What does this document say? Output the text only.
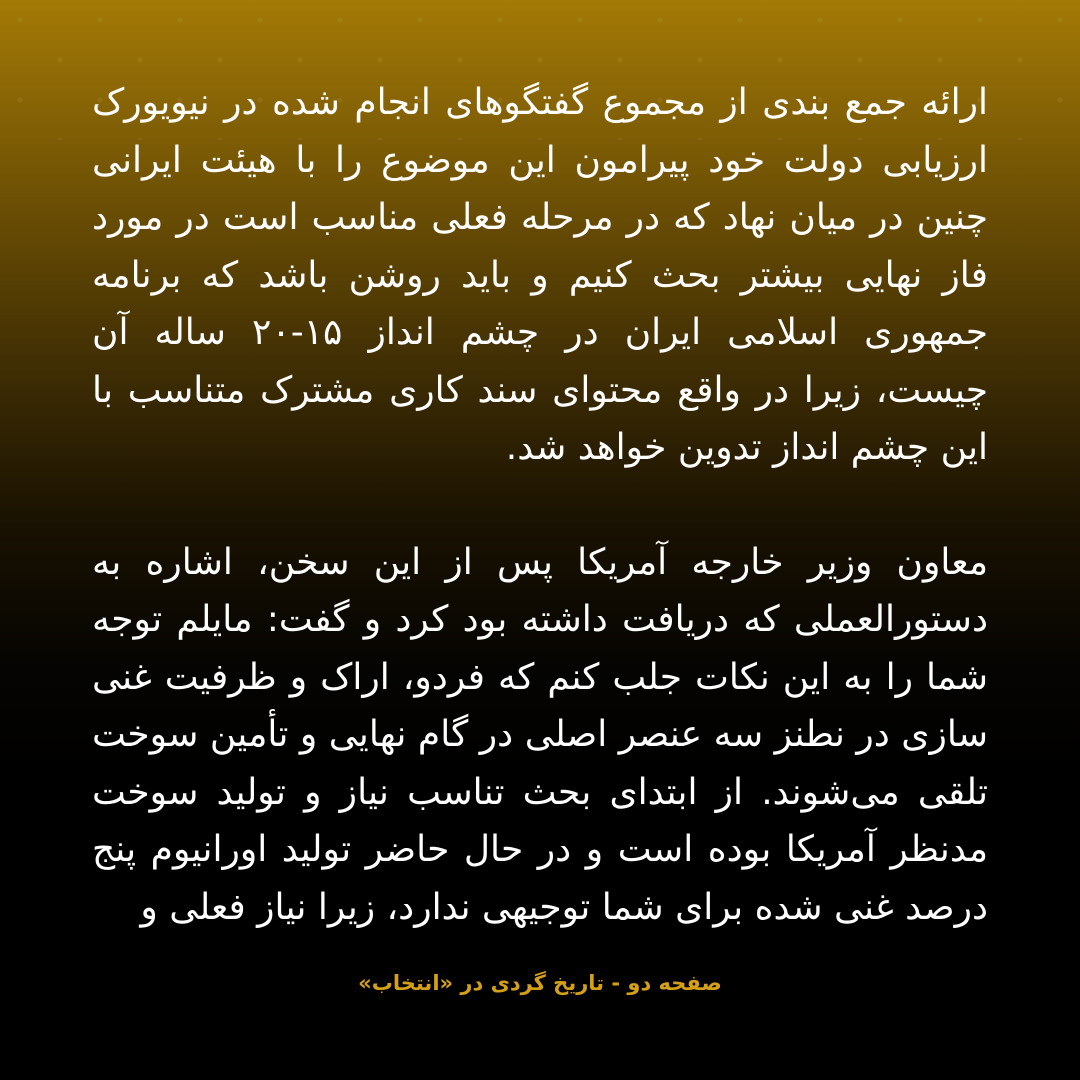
ارائه جمع بندی از مجموع گفتگوهای انجام شده در نیویورک ارزیابی دولت خود پیرامون این موضوع را با هیئت ایرانی چنین در میان نهاد که در مرحله فعلی مناسب است در مورد فاز نهایی بیشتر بحث کنیم و باید روشن باشد که برنامه جمهوری اسلامی ایران در چشم انداز ۱۵-۲۰ ساله آن چیست، زیرا در واقع محتوای سند کاری مشترک متناسب با این چشم انداز تدوین خواهد شد.

معاون وزیر خارجه آمریکا پس از این سخن، اشاره به دستورالعملی که دریافت داشته بود کرد و گفت: مایلم توجه شما را به این نکات جلب کنم که فردو، اراک و ظرفیت غنی سازی در نطنز سه عنصر اصلی در گام نهایی و تأمین سوخت تلقی می‌شوند. از ابتدای بحث تناسب نیاز و تولید سوخت مدنظر آمریکا بوده است و در حال حاضر تولید اورانیوم پنج درصد غنی شده برای شما توجیهی ندارد، زیرا نیاز فعلی و

صفحه دو - تاریخ گردی در «انتخاب»
